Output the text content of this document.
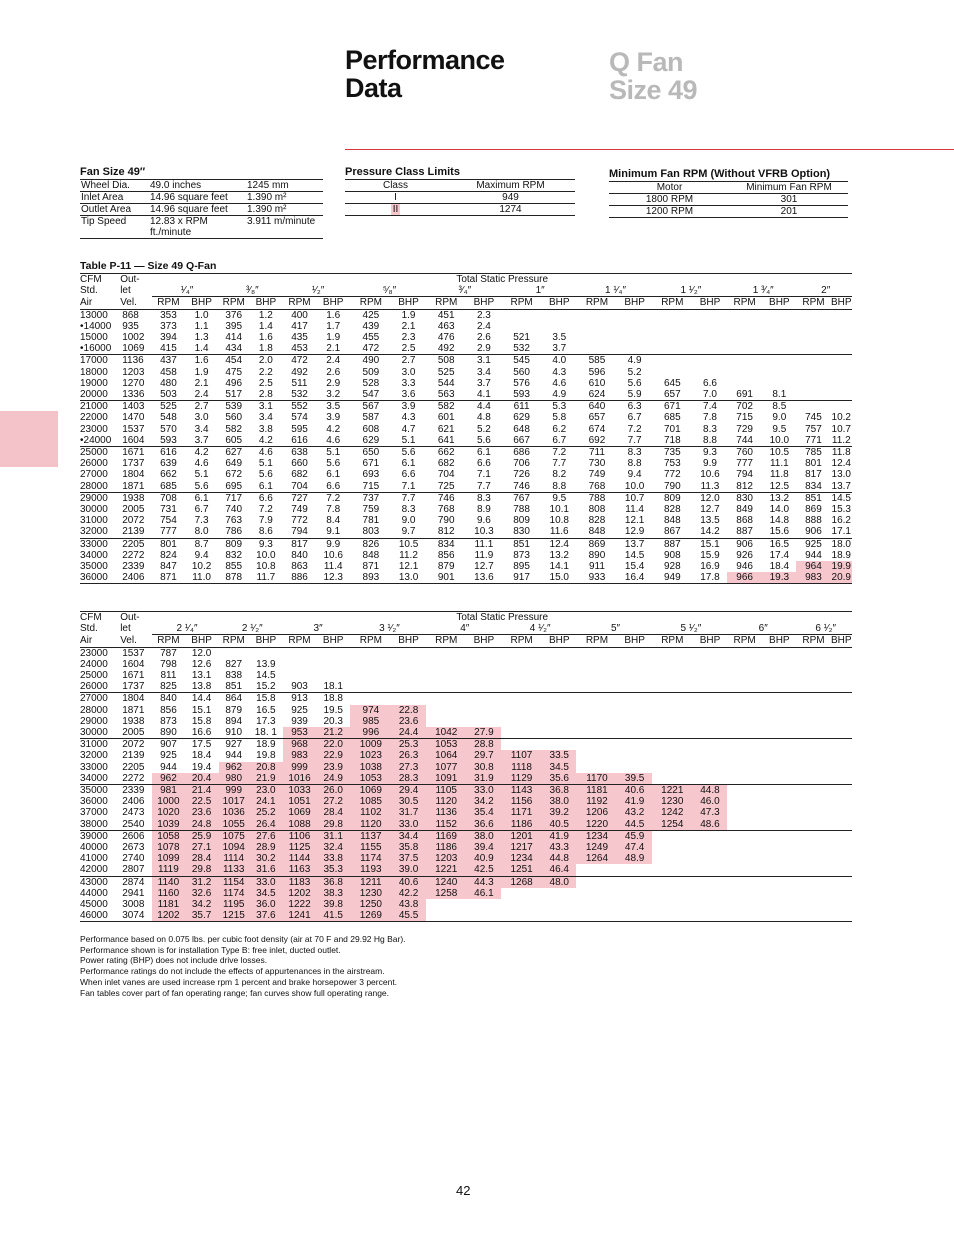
Performance
Data
Q Fan
Size 49
Fan Size 49″
Wheel Dia.	49.0 inches	1245 mm
Inlet Area	14.96 square feet	1.390 m²
Outlet Area	14.96 square feet	1.390 m²
Tip Speed	12.83 x RPM ft./minute	3.911 m/minute
Pressure Class Limits
Class	Maximum RPM
I	949
II	1274
Minimum Fan RPM (Without VFRB Option)
Motor	Minimum Fan RPM
1800 RPM	301
1200 RPM	201
Table P-11 — Size 49 Q-Fan
CFM	Out-	Total Static Pressure																			
Std.	let	¹⁄₄″		³⁄₈″		¹⁄₂″		⁵⁄₈″		³⁄₄″		1″		1 ¹⁄₄″		1 ¹⁄₂″		1 ³⁄₄″		2″	
Air	Vel.	RPM	BHP	RPM	BHP	RPM	BHP	RPM	BHP	RPM	BHP	RPM	BHP	RPM	BHP	RPM	BHP	RPM	BHP	RPM	BHP
13000	868	353	1.0	376	1.2	400	1.6	425	1.9	451	2.3										
•14000	935	373	1.1	395	1.4	417	1.7	439	2.1	463	2.4										
15000	1002	394	1.3	414	1.6	435	1.9	455	2.3	476	2.6	521	3.5								
•16000	1069	415	1.4	434	1.8	453	2.1	472	2.5	492	2.9	532	3.7								
17000	1136	437	1.6	454	2.0	472	2.4	490	2.7	508	3.1	545	4.0	585	4.9						
18000	1203	458	1.9	475	2.2	492	2.6	509	3.0	525	3.4	560	4.3	596	5.2						
19000	1270	480	2.1	496	2.5	511	2.9	528	3.3	544	3.7	576	4.6	610	5.6	645	6.6				
20000	1336	503	2.4	517	2.8	532	3.2	547	3.6	563	4.1	593	4.9	624	5.9	657	7.0	691	8.1		
21000	1403	525	2.7	539	3.1	552	3.5	567	3.9	582	4.4	611	5.3	640	6.3	671	7.4	702	8.5		
22000	1470	548	3.0	560	3.4	574	3.9	587	4.3	601	4.8	629	5.8	657	6.7	685	7.8	715	9.0	745	10.2
23000	1537	570	3.4	582	3.8	595	4.2	608	4.7	621	5.2	648	6.2	674	7.2	701	8.3	729	9.5	757	10.7
•24000	1604	593	3.7	605	4.2	616	4.6	629	5.1	641	5.6	667	6.7	692	7.7	718	8.8	744	10.0	771	11.2
25000	1671	616	4.2	627	4.6	638	5.1	650	5.6	662	6.1	686	7.2	711	8.3	735	9.3	760	10.5	785	11.8
26000	1737	639	4.6	649	5.1	660	5.6	671	6.1	682	6.6	706	7.7	730	8.8	753	9.9	777	11.1	801	12.4
27000	1804	662	5.1	672	5.6	682	6.1	693	6.6	704	7.1	726	8.2	749	9.4	772	10.6	794	11.8	817	13.0
28000	1871	685	5.6	695	6.1	704	6.6	715	7.1	725	7.7	746	8.8	768	10.0	790	11.3	812	12.5	834	13.7
29000	1938	708	6.1	717	6.6	727	7.2	737	7.7	746	8.3	767	9.5	788	10.7	809	12.0	830	13.2	851	14.5
30000	2005	731	6.7	740	7.2	749	7.8	759	8.3	768	8.9	788	10.1	808	11.4	828	12.7	849	14.0	869	15.3
31000	2072	754	7.3	763	7.9	772	8.4	781	9.0	790	9.6	809	10.8	828	12.1	848	13.5	868	14.8	888	16.2
32000	2139	777	8.0	786	8.6	794	9.1	803	9.7	812	10.3	830	11.6	848	12.9	867	14.2	887	15.6	906	17.1
33000	2205	801	8.7	809	9.3	817	9.9	826	10.5	834	11.1	851	12.4	869	13.7	887	15.1	906	16.5	925	18.0
34000	2272	824	9.4	832	10.0	840	10.6	848	11.2	856	11.9	873	13.2	890	14.5	908	15.9	926	17.4	944	18.9
35000	2339	847	10.2	855	10.8	863	11.4	871	12.1	879	12.7	895	14.1	911	15.4	928	16.9	946	18.4	964	19.9
36000	2406	871	11.0	878	11.7	886	12.3	893	13.0	901	13.6	917	15.0	933	16.4	949	17.8	966	19.3	983	20.9
CFM	Out-	Total Static Pressure																			
Std.	let	2 ¹⁄₄″		2 ¹⁄₂″		3″		3 ¹⁄₂″		4″		4 ¹⁄₂″		5″		5 ¹⁄₂″		6″		6 ¹⁄₂″	
Air	Vel.	RPM	BHP	RPM	BHP	RPM	BHP	RPM	BHP	RPM	BHP	RPM	BHP	RPM	BHP	RPM	BHP	RPM	BHP	RPM	BHP
23000	1537	787	12.0																		
24000	1604	798	12.6	827	13.9																
25000	1671	811	13.1	838	14.5																
26000	1737	825	13.8	851	15.2	903	18.1														
27000	1804	840	14.4	864	15.8	913	18.8														
28000	1871	856	15.1	879	16.5	925	19.5	974	22.8												
29000	1938	873	15.8	894	17.3	939	20.3	985	23.6												
30000	2005	890	16.6	910	18. 1	953	21.2	996	24.4	1042	27.9										
31000	2072	907	17.5	927	18.9	968	22.0	1009	25.3	1053	28.8										
32000	2139	925	18.4	944	19.8	983	22.9	1023	26.3	1064	29.7	1107	33.5								
33000	2205	944	19.4	962	20.8	999	23.9	1038	27.3	1077	30.8	1118	34.5								
34000	2272	962	20.4	980	21.9	1016	24.9	1053	28.3	1091	31.9	1129	35.6	1170	39.5						
35000	2339	981	21.4	999	23.0	1033	26.0	1069	29.4	1105	33.0	1143	36.8	1181	40.6	1221	44.8				
36000	2406	1000	22.5	1017	24.1	1051	27.2	1085	30.5	1120	34.2	1156	38.0	1192	41.9	1230	46.0				
37000	2473	1020	23.6	1036	25.2	1069	28.4	1102	31.7	1136	35.4	1171	39.2	1206	43.2	1242	47.3				
38000	2540	1039	24.8	1055	26.4	1088	29.8	1120	33.0	1152	36.6	1186	40.5	1220	44.5	1254	48.6				
39000	2606	1058	25.9	1075	27.6	1106	31.1	1137	34.4	1169	38.0	1201	41.9	1234	45.9						
40000	2673	1078	27.1	1094	28.9	1125	32.4	1155	35.8	1186	39.4	1217	43.3	1249	47.4						
41000	2740	1099	28.4	1114	30.2	1144	33.8	1174	37.5	1203	40.9	1234	44.8	1264	48.9						
42000	2807	1119	29.8	1133	31.6	1163	35.3	1193	39.0	1221	42.5	1251	46.4								
43000	2874	1140	31.2	1154	33.0	1183	36.8	1211	40.6	1240	44.3	1268	48.0								
44000	2941	1160	32.6	1174	34.5	1202	38.3	1230	42.2	1258	46.1										
45000	3008	1181	34.2	1195	36.0	1222	39.8	1250	43.8												
46000	3074	1202	35.7	1215	37.6	1241	41.5	1269	45.5												
Performance based on 0.075 lbs. per cubic foot density (air at 70 F and 29.92 Hg Bar).
Performance shown is for installation Type B: free inlet, ducted outlet.
Power rating (BHP) does not include drive losses.
Performance ratings do not include the effects of appurtenances in the airstream.
When inlet vanes are used increase rpm 1 percent and brake horsepower 3 percent.
Fan tables cover part of fan operating range; fan curves show full operating range.
42
